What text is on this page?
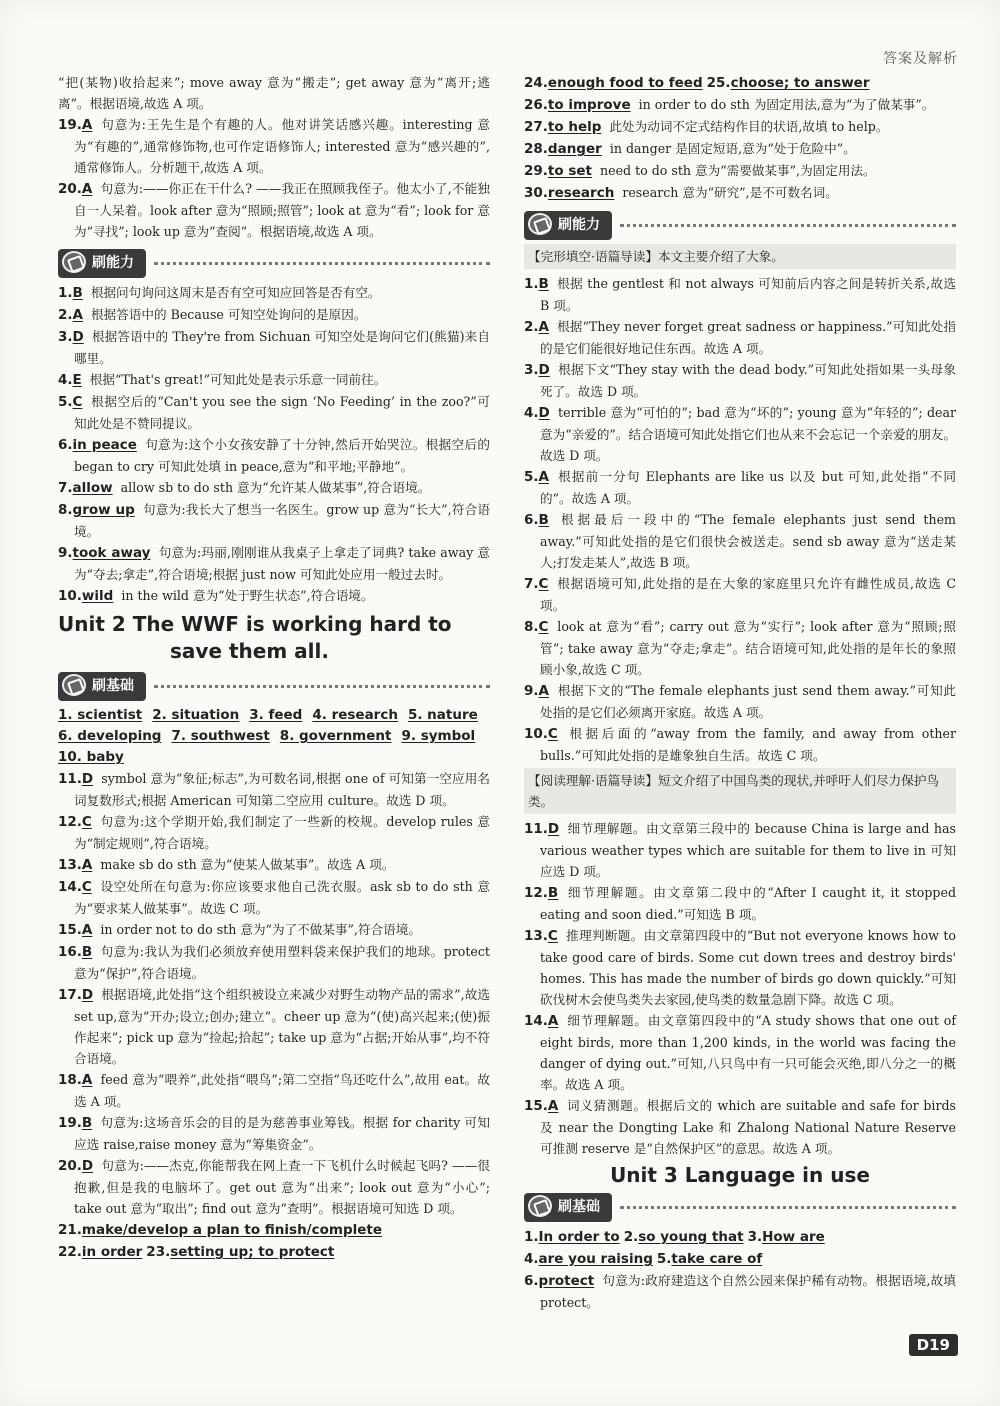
答案及解析
“把(某物)收拾起来”; move away 意为“搬走”; get away 意为“离开;逃离”。根据语境,故选 A 项。
19.A 句意为:王先生是个有趣的人。他对讲笑话感兴趣。interesting 意为“有趣的”,通常修饰物,也可作定语修饰人; interested 意为“感兴趣的”,通常修饰人。分析题干,故选 A 项。
20.A 句意为:——你正在干什么? ——我正在照顾我侄子。他太小了,不能独自一人呆着。look after 意为“照顾;照管”; look at 意为“看”; look for 意为“寻找”; look up 意为“查阅”。根据语境,故选 A 项。
刷能力
1.B 根据问句询问这周末是否有空可知应回答是否有空。
2.A 根据答语中的 Because 可知空处询问的是原因。
3.D 根据答语中的 They're from Sichuan 可知空处是询问它们(熊猫)来自哪里。
4.E 根据“That's great!”可知此处是表示乐意一同前往。
5.C 根据空后的“Can't you see the sign ‘No Feeding’ in the zoo?”可知此处是不赞同提议。
6.in peace 句意为:这个小女孩安静了十分钟,然后开始哭泣。根据空后的 began to cry 可知此处填 in peace,意为“和平地;平静地”。
7.allow allow sb to do sth 意为“允许某人做某事”,符合语境。
8.grow up 句意为:我长大了想当一名医生。grow up 意为“长大”,符合语境。
9.took away 句意为:玛丽,刚刚谁从我桌子上拿走了词典? take away 意为“夺去;拿走”,符合语境;根据 just now 可知此处应用一般过去时。
10.wild in the wild 意为“处于野生状态”,符合语境。
Unit 2 The WWF is working hard to
save them all.
刷基础
1. scientist 2. situation 3. feed 4. research 5. nature
6. developing 7. southwest 8. government 9. symbol
10. baby
11.D symbol 意为“象征;标志”,为可数名词,根据 one of 可知第一空应用名词复数形式;根据 American 可知第二空应用 culture。故选 D 项。
12.C 句意为:这个学期开始,我们制定了一些新的校规。develop rules 意为“制定规则”,符合语境。
13.A make sb do sth 意为“使某人做某事”。故选 A 项。
14.C 设空处所在句意为:你应该要求他自己洗衣服。ask sb to do sth 意为“要求某人做某事”。故选 C 项。
15.A in order not to do sth 意为“为了不做某事”,符合语境。
16.B 句意为:我认为我们必须放弃使用塑料袋来保护我们的地球。protect 意为“保护”,符合语境。
17.D 根据语境,此处指“这个组织被设立来减少对野生动物产品的需求”,故选 set up,意为“开办;设立;创办;建立”。cheer up 意为“(使)高兴起来;(使)振作起来”; pick up 意为“捡起;拾起”; take up 意为“占据;开始从事”,均不符合语境。
18.A feed 意为“喂养”,此处指“喂鸟”;第二空指“鸟还吃什么”,故用 eat。故选 A 项。
19.B 句意为:这场音乐会的目的是为慈善事业筹钱。根据 for charity 可知应选 raise,raise money 意为“筹集资金”。
20.D 句意为:——杰克,你能帮我在网上查一下飞机什么时候起飞吗? ——很抱歉,但是我的电脑坏了。get out 意为“出来”; look out 意为“小心”; take out 意为“取出”; find out 意为“查明”。根据语境可知选 D 项。
21.make/develop a plan to finish/complete
22.in order 23.setting up; to protect
24.enough food to feed 25.choose; to answer
26.to improve in order to do sth 为固定用法,意为“为了做某事”。
27.to help 此处为动词不定式结构作目的状语,故填 to help。
28.danger in danger 是固定短语,意为“处于危险中”。
29.to set need to do sth 意为“需要做某事”,为固定用法。
30.research research 意为“研究”,是不可数名词。
刷能力
【完形填空·语篇导读】本文主要介绍了大象。
1.B 根据 the gentlest 和 not always 可知前后内容之间是转折关系,故选 B 项。
2.A 根据“They never forget great sadness or happiness.”可知此处指的是它们能很好地记住东西。故选 A 项。
3.D 根据下文“They stay with the dead body.”可知此处指如果一头母象死了。故选 D 项。
4.D terrible 意为“可怕的”; bad 意为“坏的”; young 意为“年轻的”; dear 意为“亲爱的”。结合语境可知此处指它们也从来不会忘记一个亲爱的朋友。故选 D 项。
5.A 根据前一分句 Elephants are like us 以及 but 可知,此处指“不同的”。故选 A 项。
6.B 根据最后一段中的“The female elephants just send them away.”可知此处指的是它们很快会被送走。send sb away 意为“送走某人;打发走某人”,故选 B 项。
7.C 根据语境可知,此处指的是在大象的家庭里只允许有雌性成员,故选 C 项。
8.C look at 意为“看”; carry out 意为“实行”; look after 意为“照顾;照管”; take away 意为“夺走;拿走”。结合语境可知,此处指的是年长的象照顾小象,故选 C 项。
9.A 根据下文的“The female elephants just send them away.”可知此处指的是它们必须离开家庭。故选 A 项。
10.C 根据后面的“away from the family, and away from other bulls.”可知此处指的是雄象独自生活。故选 C 项。
【阅读理解·语篇导读】短文介绍了中国鸟类的现状,并呼吁人们尽力保护鸟类。
11.D 细节理解题。由文章第三段中的 because China is large and has various weather types which are suitable for them to live in 可知应选 D 项。
12.B 细节理解题。由文章第二段中的“After I caught it, it stopped eating and soon died.”可知选 B 项。
13.C 推理判断题。由文章第四段中的“But not everyone knows how to take good care of birds. Some cut down trees and destroy birds' homes. This has made the number of birds go down quickly.”可知砍伐树木会使鸟类失去家园,使鸟类的数量急剧下降。故选 C 项。
14.A 细节理解题。由文章第四段中的“A study shows that one out of eight birds, more than 1,200 kinds, in the world was facing the danger of dying out.”可知,八只鸟中有一只可能会灭绝,即八分之一的概率。故选 A 项。
15.A 词义猜测题。根据后文的 which are suitable and safe for birds 及 near the Dongting Lake 和 Zhalong National Nature Reserve 可推测 reserve 是“自然保护区”的意思。故选 A 项。
Unit 3 Language in use
刷基础
1.In order to 2.so young that 3.How are
4.are you raising 5.take care of
6.protect 句意为:政府建造这个自然公园来保护稀有动物。根据语境,故填 protect。
D19
